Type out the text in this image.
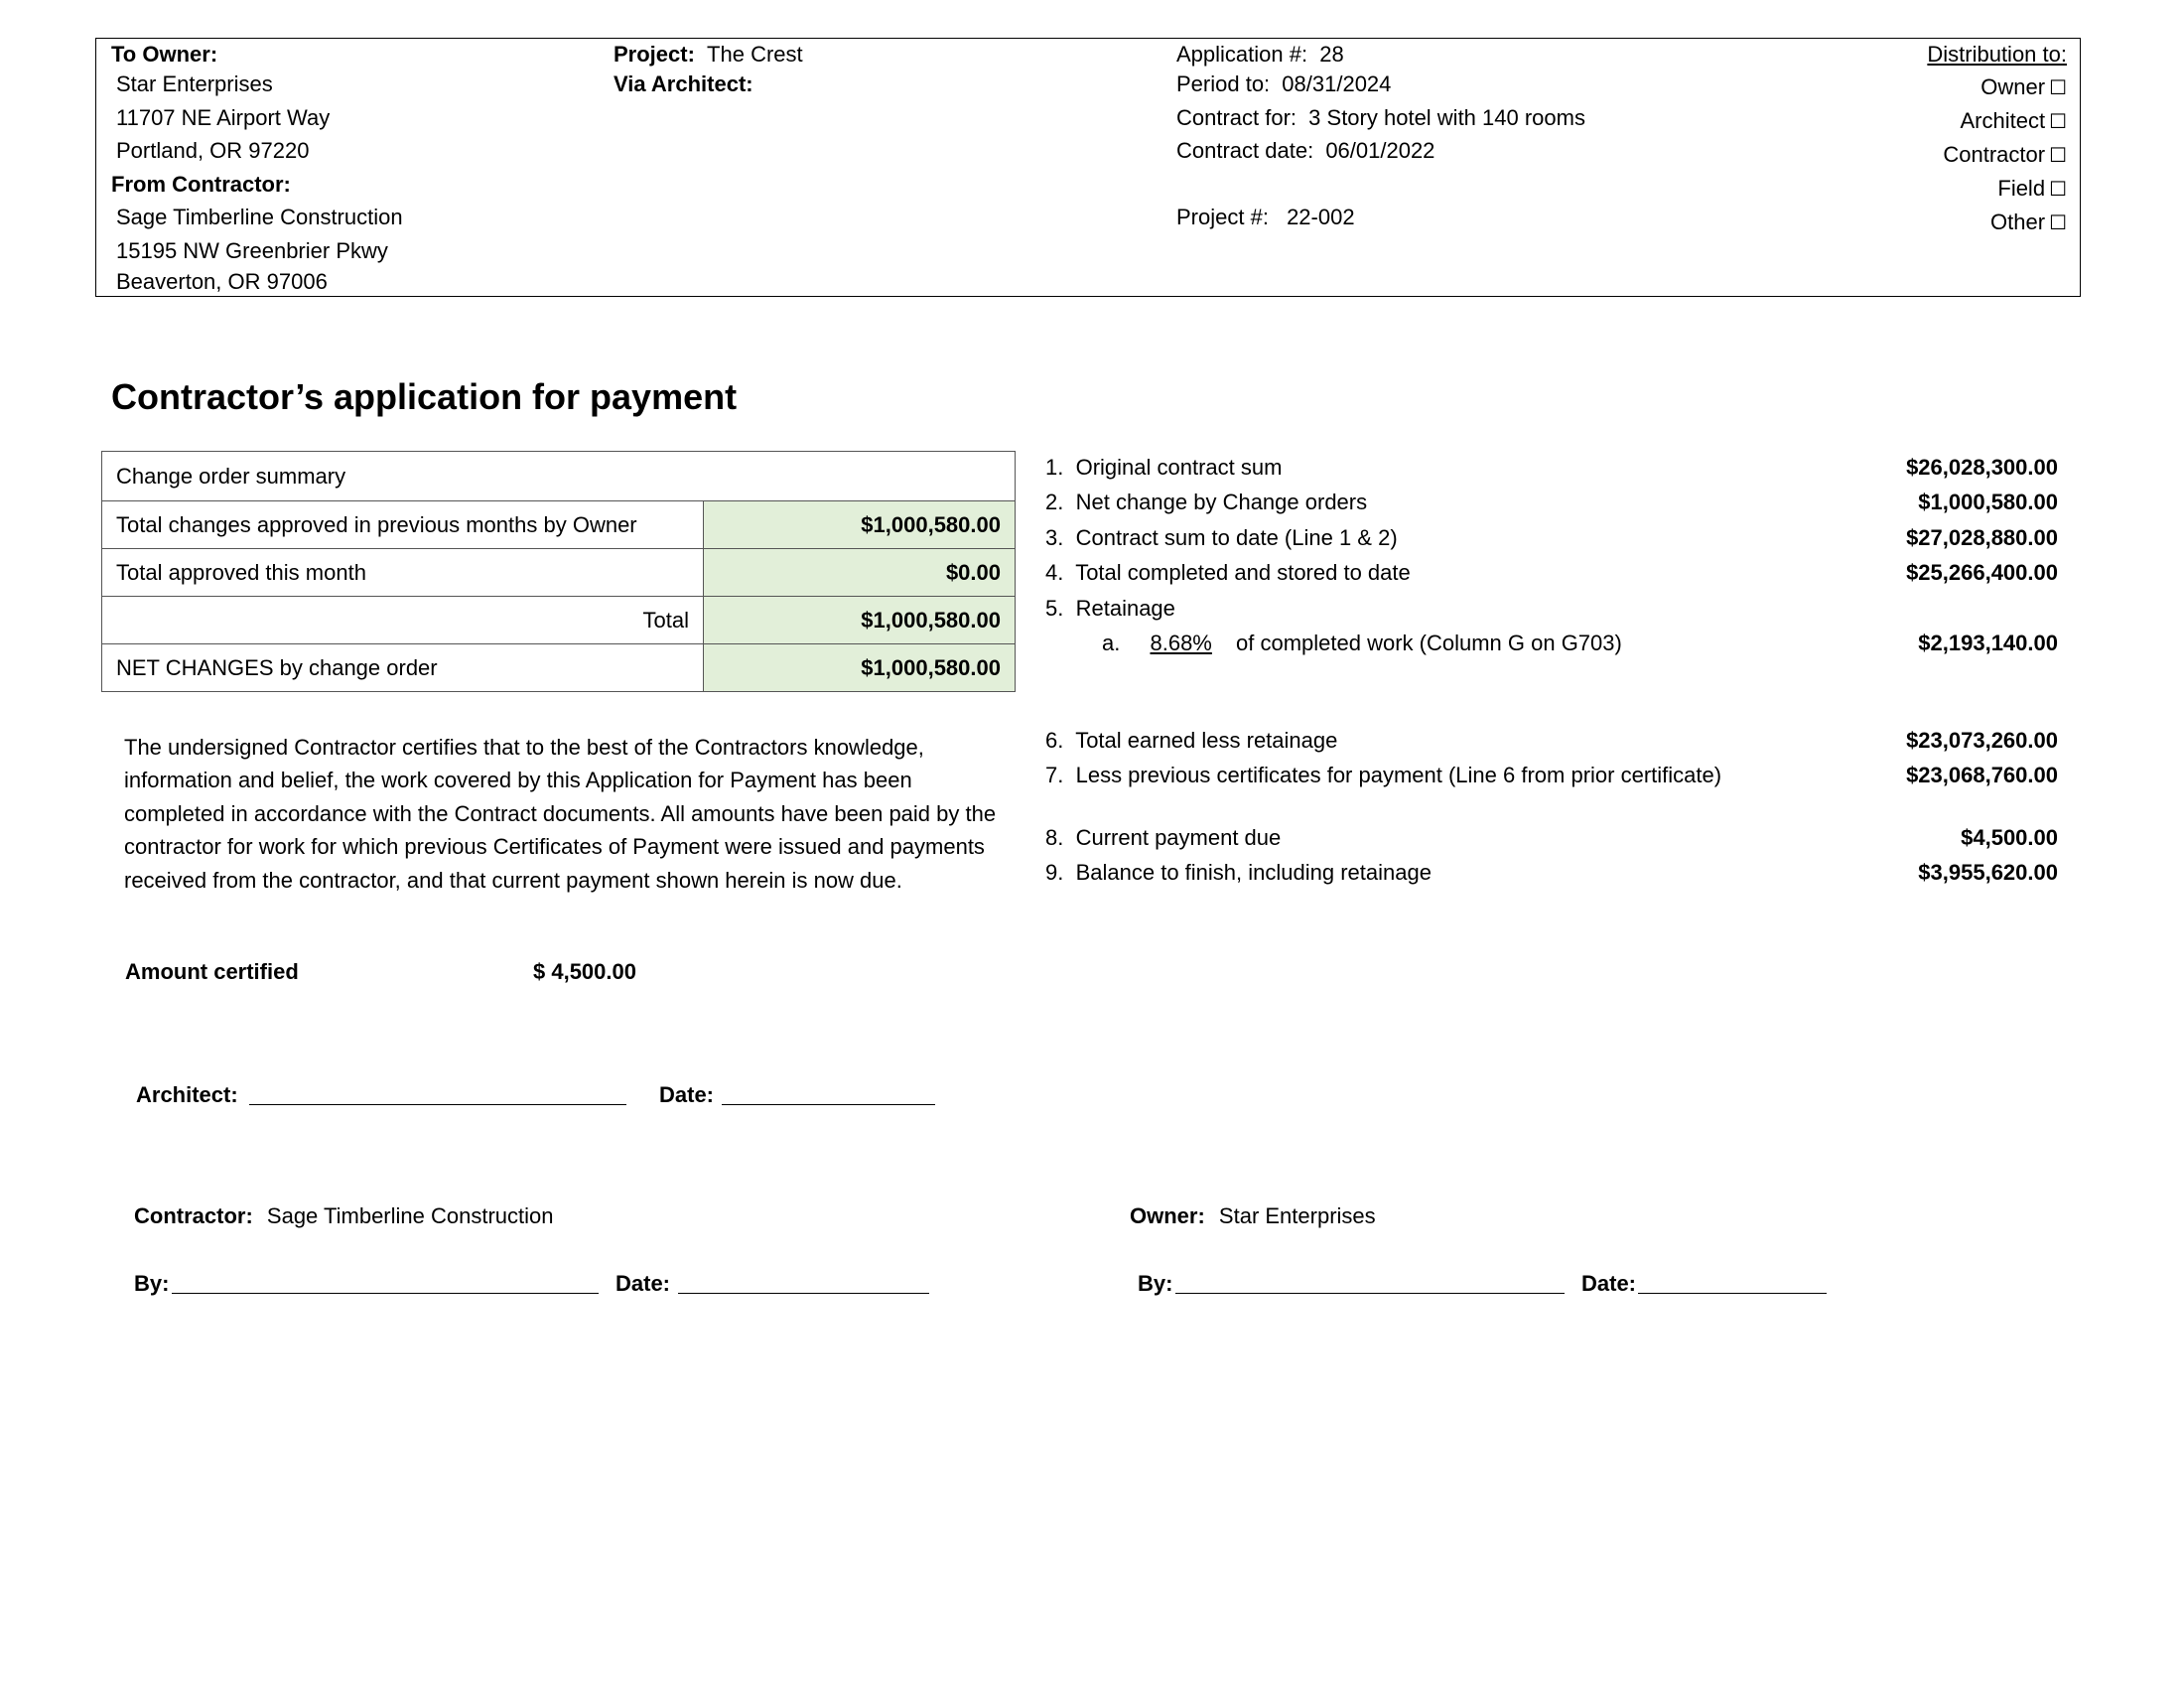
To Owner:
Star Enterprises
11707 NE Airport Way
Portland, OR 97220
From Contractor:
Sage Timberline Construction
15195 NW Greenbrier Pkwy
Beaverton, OR 97006
Project: The Crest
Via Architect:
Application #: 28
Period to: 08/31/2024
Contract for: 3 Story hotel with 140 rooms
Contract date: 06/01/2022
Project #: 22-002
Distribution to:
Owner ☐
Architect ☐
Contractor ☐
Field ☐
Other ☐
Contractor’s application for payment
Change order summary	
Total changes approved in previous months by Owner	$1,000,580.00
Total approved this month	$0.00
Total	$1,000,580.00
NET CHANGES by change order	$1,000,580.00
1. Original contract sum	$26,028,300.00
2. Net change by Change orders	$1,000,580.00
3. Contract sum to date (Line 1 & 2)	$27,028,880.00
4. Total completed and stored to date	$25,266,400.00
5. Retainage
a. 8.68% of completed work (Column G on G703)	$2,193,140.00
6. Total earned less retainage	$23,073,260.00
7. Less previous certificates for payment (Line 6 from prior certificate)	$23,068,760.00
8. Current payment due	$4,500.00
9. Balance to finish, including retainage	$3,955,620.00
The undersigned Contractor certifies that to the best of the Contractors knowledge, information and belief, the work covered by this Application for Payment has been completed in accordance with the Contract documents. All amounts have been paid by the contractor for work for which previous Certificates of Payment were issued and payments received from the contractor, and that current payment shown herein is now due.
Amount certified	$ 4,500.00
Architect:	Date:
Contractor: Sage Timberline Construction
By:	Date:
Owner: Star Enterprises
By:	Date:
